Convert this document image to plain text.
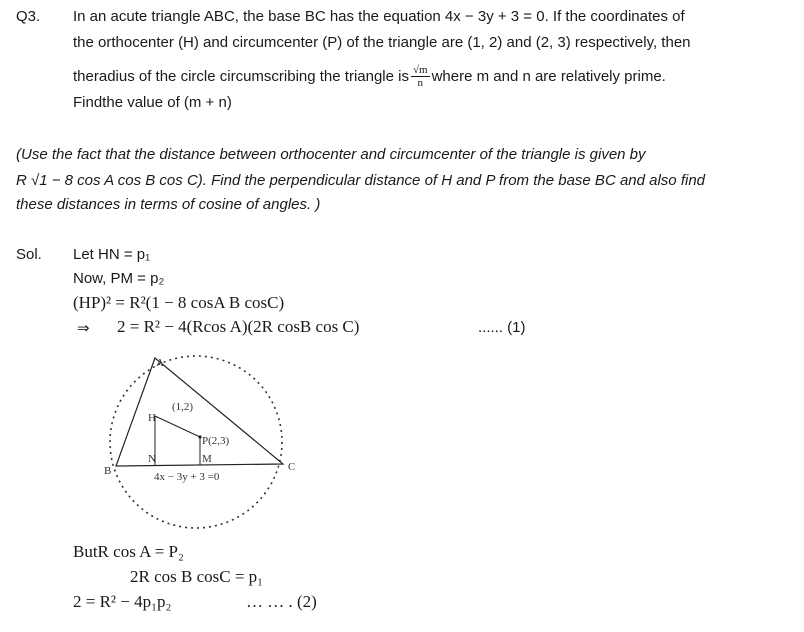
Q3. In an acute triangle ABC, the base BC has the equation 4x − 3y + 3 = 0. If the coordinates of
the orthocenter (H) and circumcenter (P) of the triangle are (1, 2) and (2, 3) respectively, then
theradius of the circle circumscribing the triangle is $\frac{√m}{n}$ where m and n are relatively prime.
Findthe value of (m + n)
(Use the fact that the distance between orthocenter and circumcenter of the triangle is given by
R √1 − 8 cos A cos B cos C). Find the perpendicular distance of H and P from the base BC and also find
these distances in terms of cosine of angles. )
Sol. Let HN = p₁
Now, PM = p₂
(HP)² = R²(1 − 8 cosA B cosC)
⇒ 2 = R² − 4(Rcos A)(2R cosB cos C)	...... (1)
A
B	C
(1,2)
H
P(2,3)
N	M
4x − 3y + 3 =0
ButR cos A = P₂
2R cos B cosC = p₁
2 = R² − 4p₁p₂	… … . (2)
